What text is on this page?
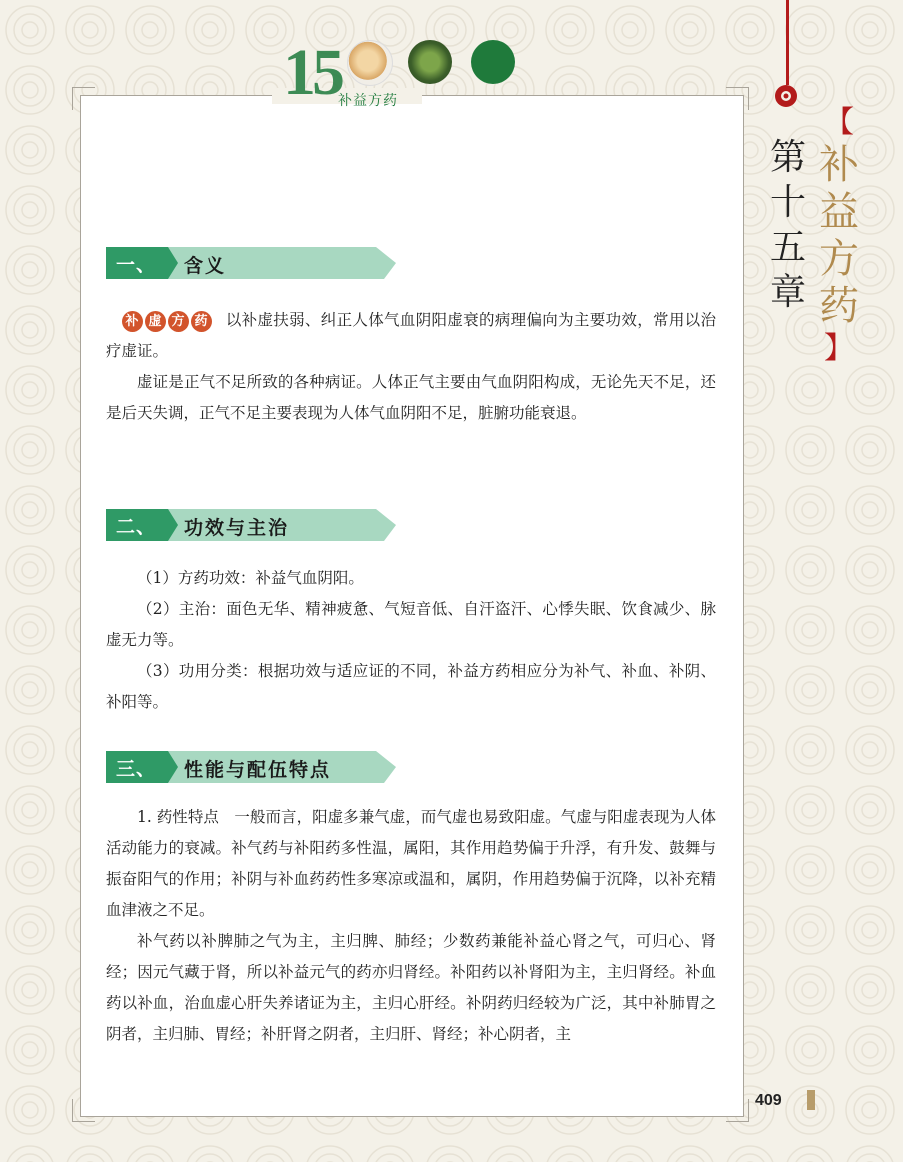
15
补益方药
第十五章
【
补益方药
】
一、 含义

补 虚 方 药 以补虚扶弱、纠正人体气血阴阳虚衰的病理偏向为主要功效，常用以治疗虚证。

虚证是正气不足所致的各种病证。人体正气主要由气血阴阳构成，无论先天不足，还是后天失调，正气不足主要表现为人体气血阴阳不足，脏腑功能衰退。

二、 功效与主治

（1）方药功效：补益气血阴阳。

（2）主治：面色无华、精神疲惫、气短音低、自汗盗汗、心悸失眠、饮食减少、脉虚无力等。

（3）功用分类：根据功效与适应证的不同，补益方药相应分为补气、补血、补阴、补阳等。

三、 性能与配伍特点

1. 药性特点　一般而言，阳虚多兼气虚，而气虚也易致阳虚。气虚与阳虚表现为人体活动能力的衰减。补气药与补阳药多性温，属阳，其作用趋势偏于升浮，有升发、鼓舞与振奋阳气的作用；补阴与补血药药性多寒凉或温和，属阴，作用趋势偏于沉降，以补充精血津液之不足。

补气药以补脾肺之气为主，主归脾、肺经；少数药兼能补益心肾之气，可归心、肾经；因元气藏于肾，所以补益元气的药亦归肾经。补阳药以补肾阳为主，主归肾经。补血药以补血，治血虚心肝失养诸证为主，主归心肝经。补阴药归经较为广泛，其中补肺胃之阴者，主归肺、胃经；补肝肾之阴者，主归肝、肾经；补心阴者，主

409
